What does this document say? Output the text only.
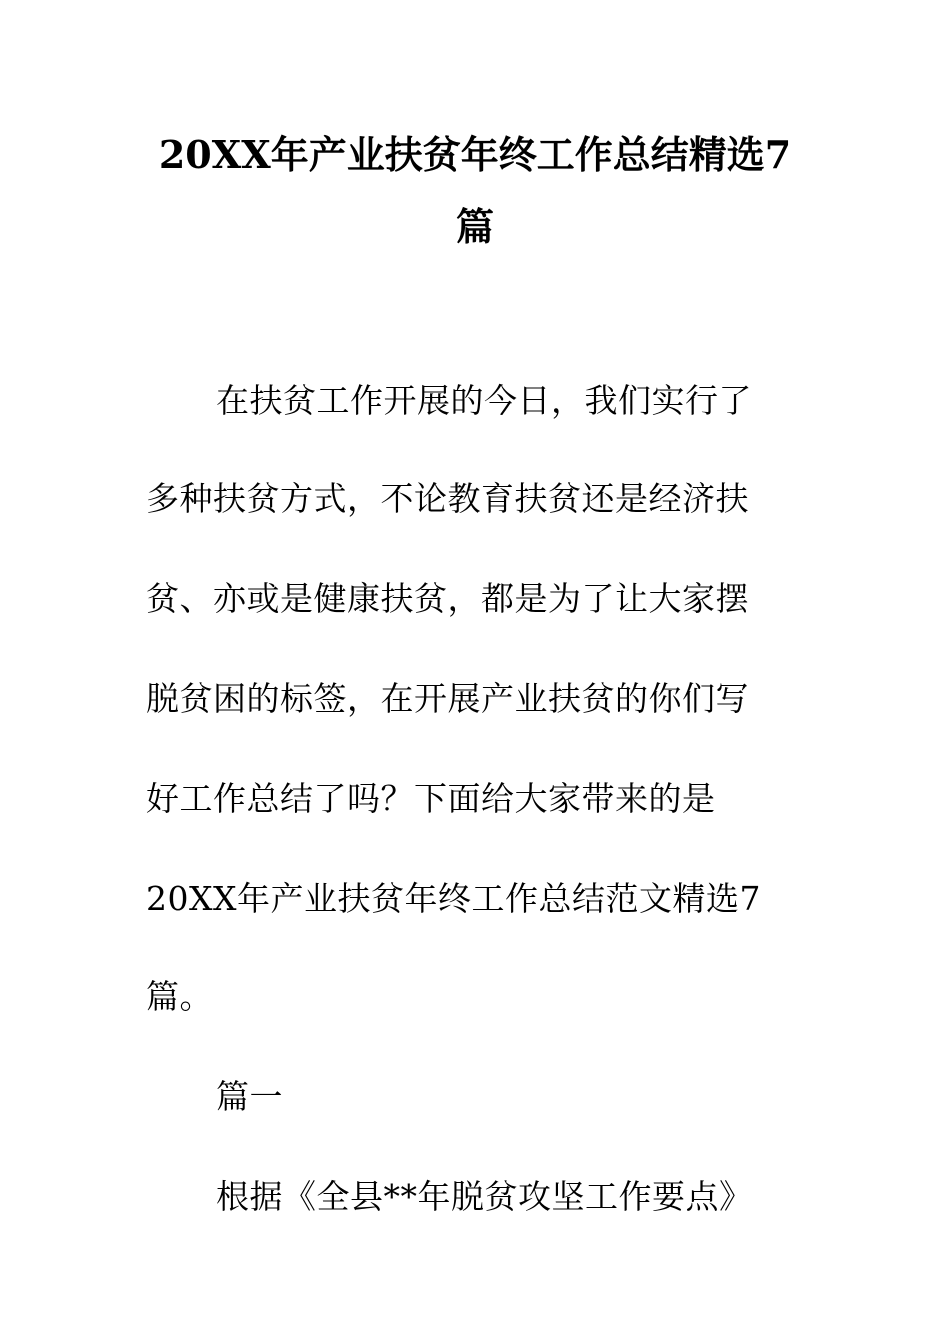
20XX年产业扶贫年终工作总结精选7
篇
在扶贫工作开展的今日，我们实行了
多种扶贫方式，不论教育扶贫还是经济扶
贫、亦或是健康扶贫，都是为了让大家摆
脱贫困的标签，在开展产业扶贫的你们写
好工作总结了吗？下面给大家带来的是
20XX年产业扶贫年终工作总结范文精选7
篇。
篇一
根据《全县**年脱贫攻坚工作要点》
